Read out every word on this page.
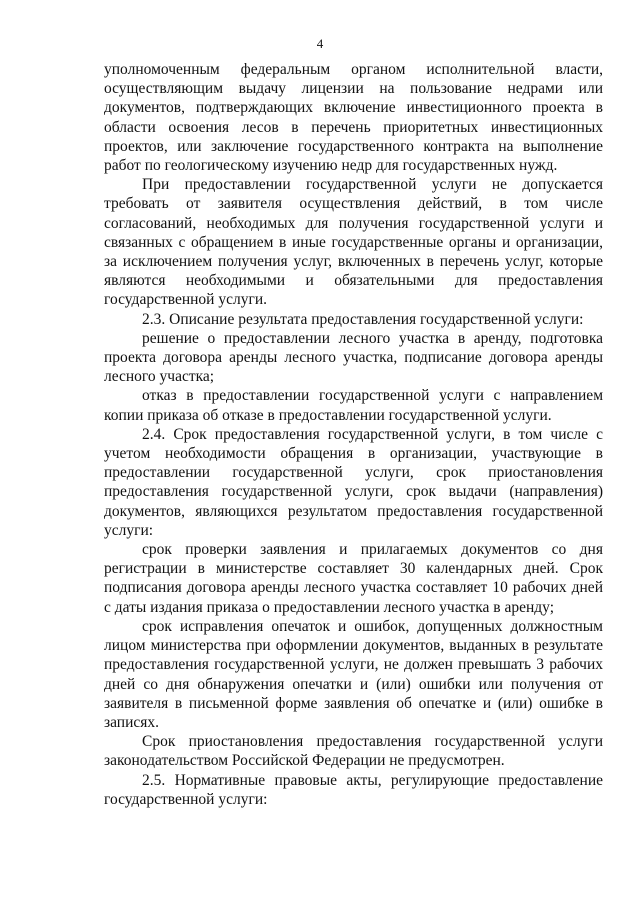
4

уполномоченным федеральным органом исполнительной власти, осуществляющим выдачу лицензии на пользование недрами или документов, подтверждающих включение инвестиционного проекта в области освоения лесов в перечень приоритетных инвестиционных проектов, или заключение государственного контракта на выполнение работ по геологическому изучению недр для государственных нужд.

При предоставлении государственной услуги не допускается требовать от заявителя осуществления действий, в том числе согласований, необходимых для получения государственной услуги и связанных с обращением в иные государственные органы и организации, за исключением получения услуг, включенных в перечень услуг, которые являются необходимыми и обязательными для предоставления государственной услуги.

2.3. Описание результата предоставления государственной услуги:

решение о предоставлении лесного участка в аренду, подготовка проекта договора аренды лесного участка, подписание договора аренды лесного участка;

отказ в предоставлении государственной услуги с направлением копии приказа об отказе в предоставлении государственной услуги.

2.4. Срок предоставления государственной услуги, в том числе с учетом необходимости обращения в организации, участвующие в предоставлении государственной услуги, срок приостановления предоставления государственной услуги, срок выдачи (направления) документов, являющихся результатом предоставления государственной услуги:

срок проверки заявления и прилагаемых документов со дня регистрации в министерстве составляет 30 календарных дней. Срок подписания договора аренды лесного участка составляет 10 рабочих дней с даты издания приказа о предоставлении лесного участка в аренду;

срок исправления опечаток и ошибок, допущенных должностным лицом министерства при оформлении документов, выданных в результате предоставления государственной услуги, не должен превышать 3 рабочих дней со дня обнаружения опечатки и (или) ошибки или получения от заявителя в письменной форме заявления об опечатке и (или) ошибке в записях.

Срок приостановления предоставления государственной услуги законодательством Российской Федерации не предусмотрен.

2.5. Нормативные правовые акты, регулирующие предоставление государственной услуги:
